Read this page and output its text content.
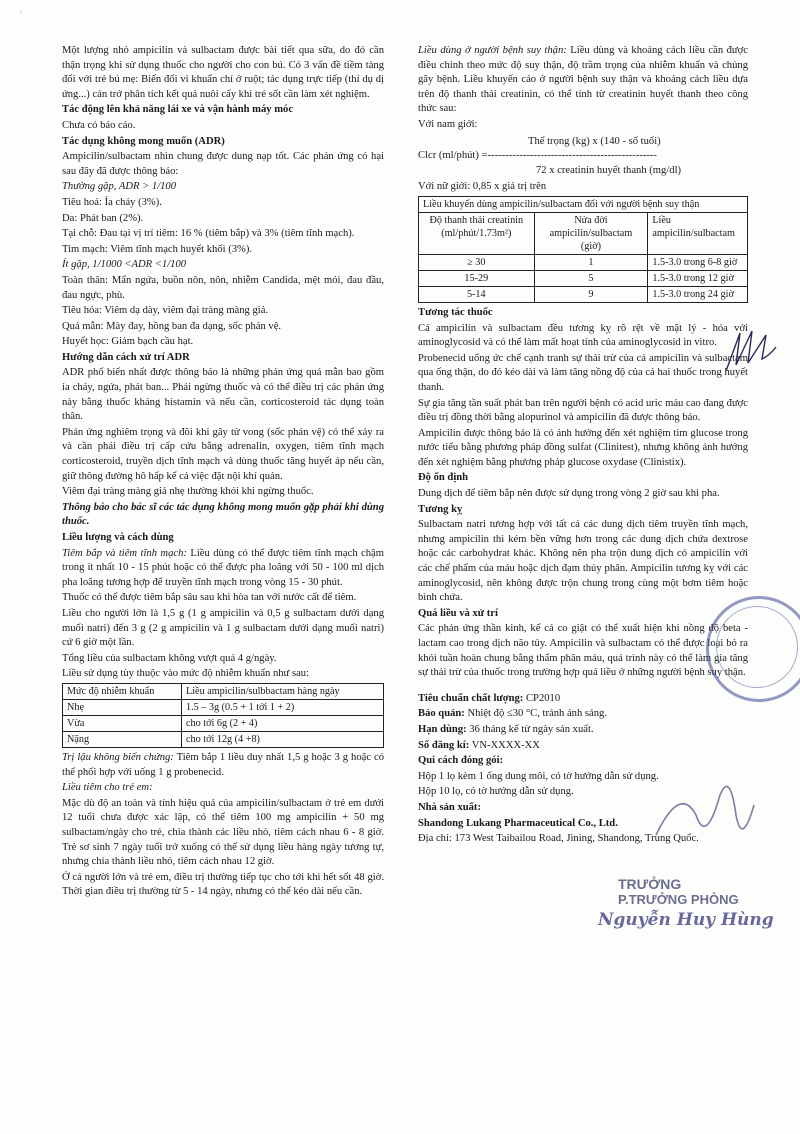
'

Một lượng nhỏ ampicilin và sulbactam được bài tiết qua sữa, do đó cần thận trọng khi sử dụng thuốc cho người cho con bú. Có 3 vấn đề tiềm tàng đối với trẻ bú mẹ: Biến đổi vi khuẩn chí ở ruột; tác dụng trực tiếp (thí dụ dị ứng...) cản trở phân tích kết quả nuôi cấy khi trẻ sốt cần làm xét nghiệm.

Tác động lên khả năng lái xe và vận hành máy móc

Chưa có báo cáo.

Tác dụng không mong muốn (ADR)

Ampicilin/sulbactam nhìn chung được dung nạp tốt. Các phản ứng có hại sau đây đã được thông báo:

Thường gặp, ADR > 1/100

Tiêu hoá: Ỉa chảy (3%).

Da: Phát ban (2%).

Tại chỗ: Đau tại vị trí tiêm: 16 % (tiêm bắp) và 3% (tiêm tĩnh mạch).

Tim mạch: Viêm tĩnh mạch huyết khối (3%).

Ít gặp, 1/1000 <ADR <1/100

Toàn thân: Mẩn ngứa, buồn nôn, nôn, nhiễm Candida, mệt mỏi, đau đầu, đau ngực, phù.

Tiêu hóa: Viêm dạ dày, viêm đại tràng màng giả.

Quá mẫn: Mày đay, hồng ban đa dạng, sốc phản vệ.

Huyết học: Giảm bạch cầu hạt.

Hướng dẫn cách xử trí ADR

ADR phổ biến nhất được thông báo là những phản ứng quá mẫn bao gồm ỉa chảy, ngứa, phát ban... Phải ngừng thuốc và có thể điều trị các phản ứng này bằng thuốc kháng histamin và nếu cần, corticosteroid tác dụng toàn thân.

Phản ứng nghiêm trọng và đôi khi gây tử vong (sốc phản vệ) có thể xảy ra và cần phải điều trị cấp cứu bằng adrenalin, oxygen, tiêm tĩnh mạch corticosteroid, truyền dịch tĩnh mạch và dùng thuốc tăng huyết áp nếu cần, giữ thông đường hô hấp kể cả việc đặt nội khí quản.

Viêm đại tràng màng giả nhẹ thường khỏi khi ngừng thuốc.

Thông báo cho bác sĩ các tác dụng không mong muốn gặp phải khi dùng thuốc.

Liều lượng và cách dùng

Tiêm bắp và tiêm tĩnh mạch: Liều dùng có thể được tiêm tĩnh mạch chậm trong ít nhất 10 - 15 phút hoặc có thể được pha loãng với 50 - 100 ml dịch pha loãng tương hợp để truyền tĩnh mạch trong vòng 15 - 30 phút.

Thuốc có thể được tiêm bắp sâu sau khi hòa tan với nước cất để tiêm.

Liều cho người lớn là 1,5 g (1 g ampicilin và 0,5 g sulbactam dưới dạng muối natri) đến 3 g (2 g ampicilin và 1 g sulbactam dưới dạng muối natri) cứ 6 giờ một lần.

Tổng liều của sulbactam không vượt quá 4 g/ngày.

Liều sử dụng tùy thuộc vào mức độ nhiễm khuẩn như sau:

Mức độ nhiễm khuẩn	Liều ampicilin/sulbbactam hàng ngày
Nhẹ	1.5 – 3g (0.5 + 1 tới 1 + 2)
Vừa	cho tới 6g (2 + 4)
Nặng	cho tới 12g (4 +8)

Trị lậu không biến chứng: Tiêm bắp 1 liều duy nhất 1,5 g hoặc 3 g hoặc có thể phối hợp với uống 1 g probenecid.

Liều tiêm cho trẻ em:

Mặc dù độ an toàn và tính hiệu quả của ampicilin/sulbactam ở trẻ em dưới 12 tuổi chưa được xác lập, có thể tiêm 100 mg ampicilin + 50 mg sulbactam/ngày cho trẻ, chia thành các liều nhỏ, tiêm cách nhau 6 - 8 giờ. Trẻ sơ sinh 7 ngày tuổi trở xuống có thể sử dụng liều hàng ngày tương tự, nhưng chia thành liều nhỏ, tiêm cách nhau 12 giờ.

Ở cả người lớn và trẻ em, điều trị thường tiếp tục cho tới khi hết sốt 48 giờ. Thời gian điều trị thường từ 5 - 14 ngày, nhưng có thể kéo dài nếu cần.

Liều dùng ở người bệnh suy thận: Liều dùng và khoảng cách liều cần được điều chỉnh theo mức độ suy thận, độ trầm trọng của nhiễm khuẩn và chủng gây bệnh. Liều khuyến cáo ở người bệnh suy thận và khoảng cách liều dựa trên độ thanh thải creatinin, có thể tính từ creatinin huyết thanh theo công thức sau:

Với nam giới:

Thể trọng (kg) x (140 - số tuổi)
Clcr (ml/phút) = ------------------------------------------------
72 x creatinin huyết thanh (mg/dl)

Với nữ giới: 0,85 x giá trị trên

Liều khuyến dùng ampicilin/sulbactam đối với người bệnh suy thận		
Độ thanh thải creatinin (ml/phút/1.73m²)	Nửa đời ampicilin/sulbactam (giờ)	Liều ampicilin/sulbactam
≥ 30	1	1.5-3.0 trong 6-8 giờ
15-29	5	1.5-3.0 trong 12 giờ
5-14	9	1.5-3.0 trong 24 giờ

Tương tác thuốc

Cả ampicilin và sulbactam đều tương kỵ rõ rệt về mặt lý - hóa với aminoglycosid và có thể làm mất hoạt tính của aminoglycosid in vitro.

Probenecid uống ức chế cạnh tranh sự thải trừ của cả ampicilin và sulbactam qua ống thận, do đó kéo dài và làm tăng nồng độ của cả hai thuốc trong huyết thanh.

Sự gia tăng tần suất phát ban trên người bệnh có acid uric máu cao đang được điều trị đồng thời bằng alopurinol và ampicilin đã được thông báo.

Ampicilin được thông báo là có ảnh hưởng đến xét nghiệm tìm glucose trong nước tiểu bằng phương pháp đồng sulfat (Clinitest), nhưng không ảnh hưởng đến xét nghiệm bằng phương pháp glucose oxydase (Clinistix).

Độ ổn định

Dung dịch để tiêm bắp nên được sử dụng trong vòng 2 giờ sau khi pha.

Tương kỵ

Sulbactam natri tương hợp với tất cả các dung dịch tiêm truyền tĩnh mạch, nhưng ampicilin thì kém bền vững hơn trong các dung dịch chứa dextrose hoặc các carbohydrat khác. Không nên pha trộn dung dịch có ampicilin với các chế phẩm của máu hoặc dịch đạm thủy phân. Ampicilin tương kỵ với các aminoglycosid, nên không được trộn chung trong cùng một bơm tiêm hoặc bình chứa.

Quá liều và xử trí

Các phản ứng thần kinh, kể cả co giật có thể xuất hiện khi nồng độ beta - lactam cao trong dịch não tủy. Ampicilin và sulbactam có thể được loại bỏ ra khỏi tuần hoàn chung bằng thẩm phân máu, quá trình này có thể làm gia tăng sự thải trừ của thuốc trong trường hợp quá liều ở những người bệnh suy thận.

Tiêu chuẩn chất lượng: CP2010

Bảo quản: Nhiệt độ ≤30 °C, tránh ánh sáng.

Hạn dùng: 36 tháng kể từ ngày sản xuất.

Số đăng kí: VN-XXXX-XX

Qui cách đóng gói:

Hộp 1 lọ kèm 1 ống dung môi, có tờ hướng dẫn sử dụng.

Hộp 10 lọ, có tờ hướng dẫn sử dụng.

Nhà sản xuất:

Shandong Lukang Pharmaceutical Co., Ltd.

Địa chỉ: 173 West Taibailou Road, Jining, Shandong, Trung Quốc.

TRƯỞNG
P.TRƯỞNG PHÒNG
Nguyễn Huy Hùng
